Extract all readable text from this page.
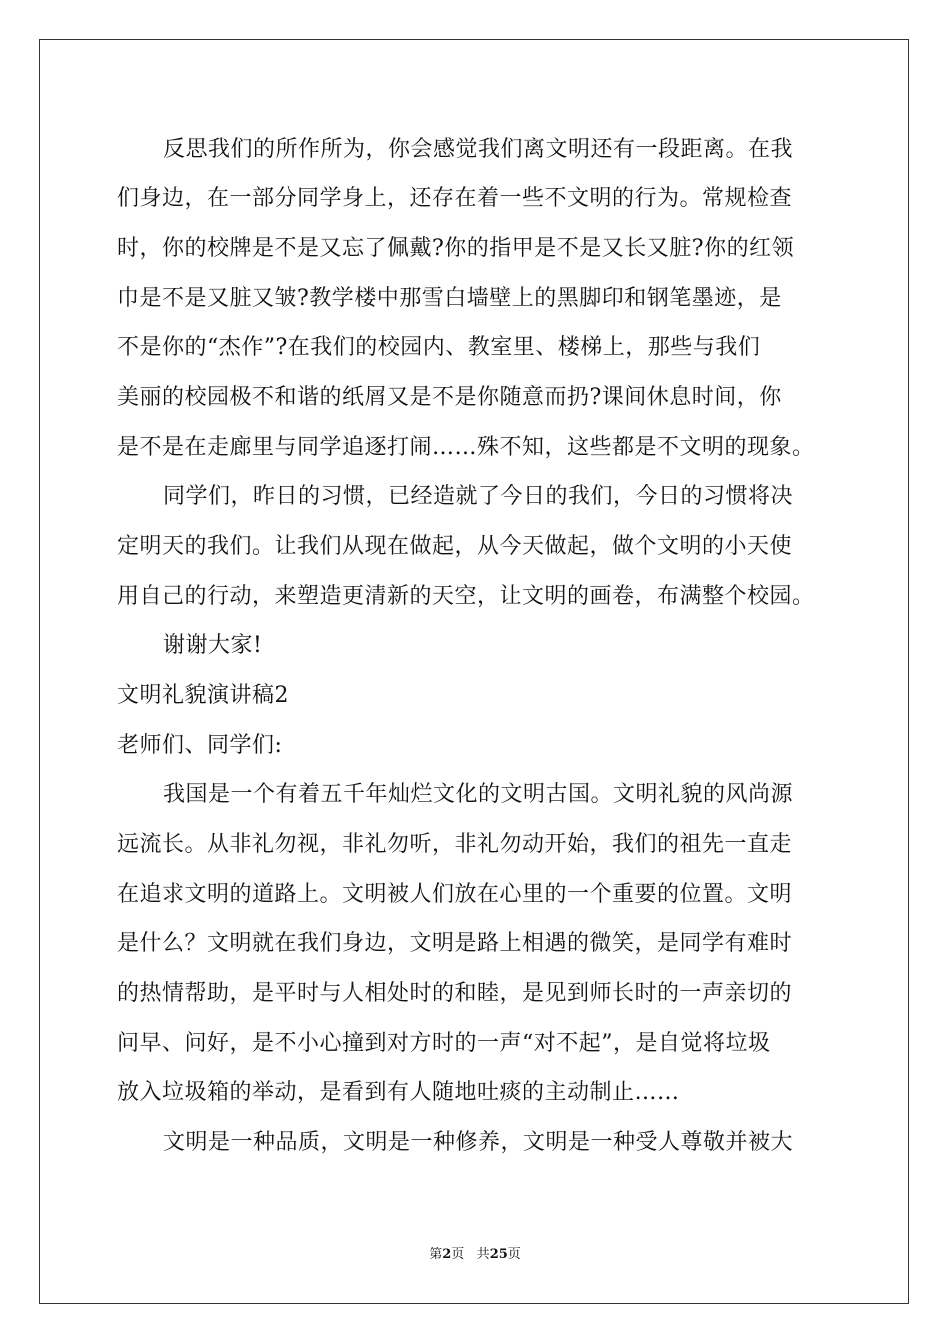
反思我们的所作所为，你会感觉我们离文明还有一段距离。在我
们身边，在一部分同学身上，还存在着一些不文明的行为。常规检查
时，你的校牌是不是又忘了佩戴?你的指甲是不是又长又脏?你的红领
巾是不是又脏又皱?教学楼中那雪白墙壁上的黑脚印和钢笔墨迹，是
不是你的“杰作”?在我们的校园内、教室里、楼梯上，那些与我们
美丽的校园极不和谐的纸屑又是不是你随意而扔?课间休息时间，你
是不是在走廊里与同学追逐打闹……殊不知，这些都是不文明的现象。
同学们，昨日的习惯，已经造就了今日的我们，今日的习惯将决
定明天的我们。让我们从现在做起，从今天做起，做个文明的小天使
用自己的行动，来塑造更清新的天空，让文明的画卷，布满整个校园。
谢谢大家!
文明礼貌演讲稿2
老师们、同学们:
我国是一个有着五千年灿烂文化的文明古国。文明礼貌的风尚源
远流长。从非礼勿视，非礼勿听，非礼勿动开始，我们的祖先一直走
在追求文明的道路上。文明被人们放在心里的一个重要的位置。文明
是什么？文明就在我们身边，文明是路上相遇的微笑，是同学有难时
的热情帮助，是平时与人相处时的和睦，是见到师长时的一声亲切的
问早、问好，是不小心撞到对方时的一声“对不起”，是自觉将垃圾
放入垃圾箱的举动，是看到有人随地吐痰的主动制止……
文明是一种品质，文明是一种修养，文明是一种受人尊敬并被大
第2页 共25页
